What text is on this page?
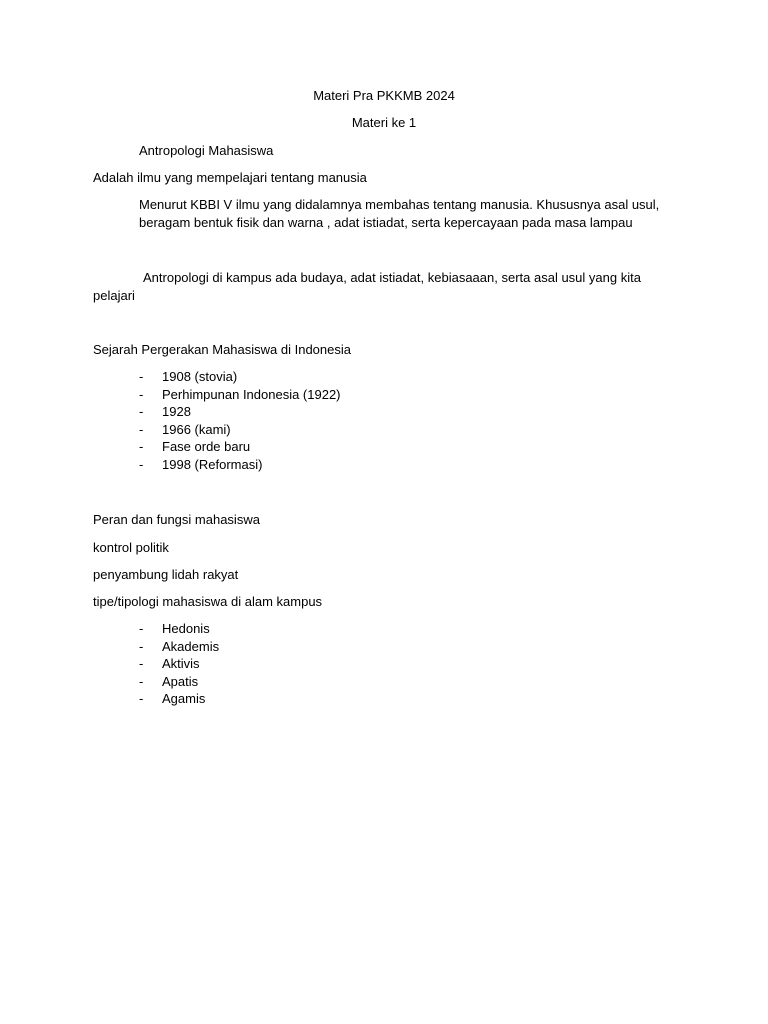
Materi Pra PKKMB 2024
Materi ke 1
Antropologi Mahasiswa
Adalah ilmu yang mempelajari tentang manusia
Menurut KBBI V ilmu yang didalamnya membahas tentang manusia. Khususnya asal usul,
beragam bentuk fisik dan warna , adat istiadat, serta kepercayaan pada masa lampau
Antropologi di kampus ada budaya, adat istiadat, kebiasaaan, serta asal usul yang kita
pelajari
Sejarah Pergerakan Mahasiswa di Indonesia
- 1908 (stovia)
- Perhimpunan Indonesia (1922)
- 1928
- 1966 (kami)
- Fase orde baru
- 1998 (Reformasi)
Peran dan fungsi mahasiswa
kontrol politik
penyambung lidah rakyat
tipe/tipologi mahasiswa di alam kampus
- Hedonis
- Akademis
- Aktivis
- Apatis
- Agamis
